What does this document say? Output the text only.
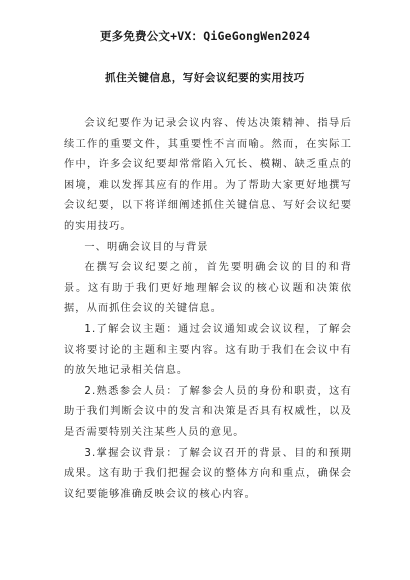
更多免费公文+VX：QiGeGongWen2024
抓住关键信息，写好会议纪要的实用技巧

会议纪要作为记录会议内容、传达决策精神、指导后续工作的重要文件，其重要性不言而喻。然而，在实际工作中，许多会议纪要却常常陷入冗长、模糊、缺乏重点的困境，难以发挥其应有的作用。为了帮助大家更好地撰写会议纪要，以下将详细阐述抓住关键信息、写好会议纪要的实用技巧。

一、明确会议目的与背景

在撰写会议纪要之前，首先要明确会议的目的和背景。这有助于我们更好地理解会议的核心议题和决策依据，从而抓住会议的关键信息。

1.了解会议主题：通过会议通知或会议议程，了解会议将要讨论的主题和主要内容。这有助于我们在会议中有的放矢地记录相关信息。

2.熟悉参会人员：了解参会人员的身份和职责，这有助于我们判断会议中的发言和决策是否具有权威性，以及是否需要特别关注某些人员的意见。

3.掌握会议背景：了解会议召开的背景、目的和预期成果。这有助于我们把握会议的整体方向和重点，确保会议纪要能够准确反映会议的核心内容。
